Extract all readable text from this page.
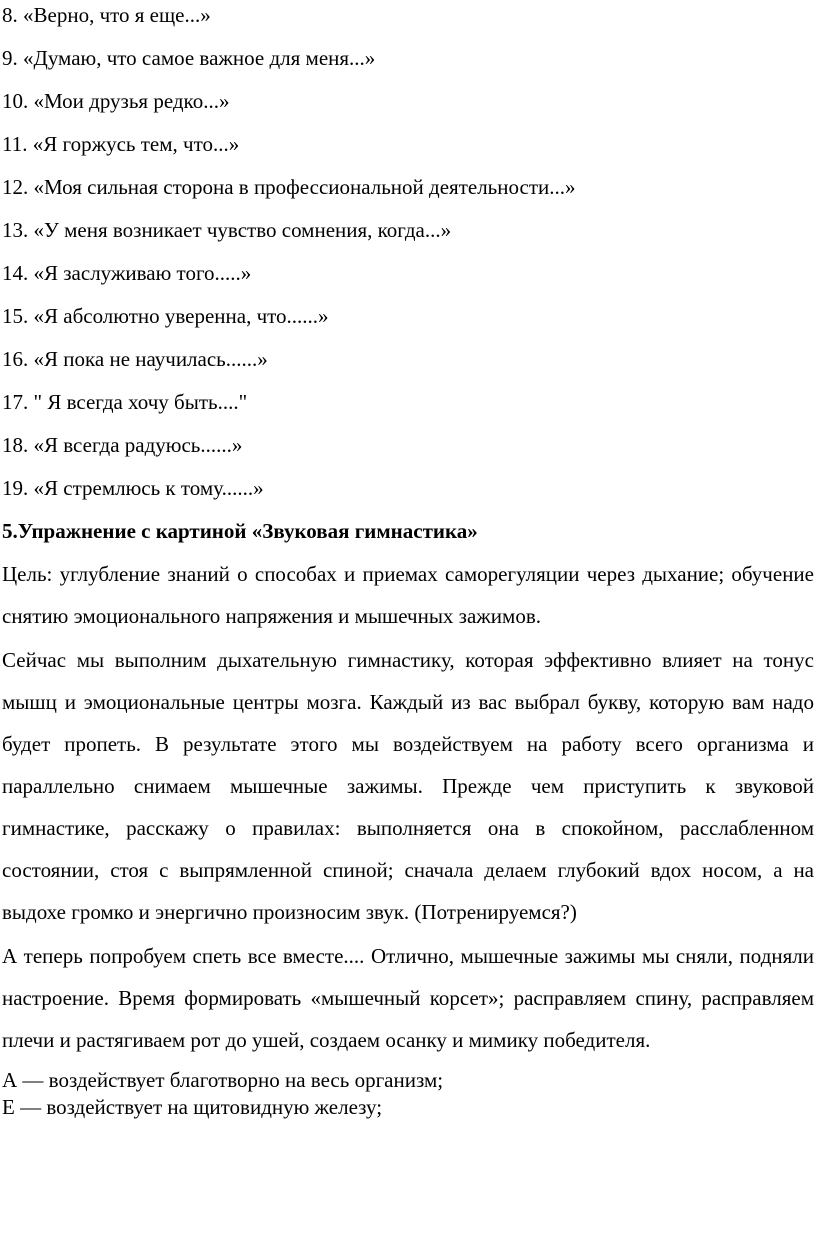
8. «Верно, что я еще...»
9. «Думаю, что самое важное для меня...»
10. «Мои друзья редко...»
11. «Я горжусь тем, что...»
12. «Моя сильная сторона в профессиональной деятельности...»
13. «У меня возникает чувство сомнения, когда...»
14. «Я заслуживаю того.....»
15. «Я абсолютно уверенна, что......»
16. «Я пока не научилась......»
17. " Я всегда хочу быть...."
18. «Я всегда радуюсь......»
19. «Я стремлюсь к тому......»
5.Упражнение с картиной «Звуковая гимнастика»

Цель: углубление знаний о способах и приемах саморегуляции через дыхание; обучение снятию эмоционального напряжения и мышечных зажимов.

Сейчас мы выполним дыхательную гимнастику, которая эффективно влияет на тонус мышц и эмоциональные центры мозга. Каждый из вас выбрал букву, которую вам надо будет пропеть. В результате этого мы воздействуем на работу всего организма и параллельно снимаем мышечные зажимы. Прежде чем приступить к звуковой гимнастике, расскажу о правилах: выполняется она в спокойном, расслабленном состоянии, стоя с выпрямленной спиной; сначала делаем глубокий вдох носом, а на выдохе громко и энергично произносим звук. (Потренируемся?)

А теперь попробуем спеть все вместе.... Отлично, мышечные зажимы мы сняли, подняли настроение. Время формировать «мышечный корсет»; расправляем спину, расправляем плечи и растягиваем рот до ушей, создаем осанку и мимику победителя.

А — воздействует благотворно на весь организм;

Е — воздействует на щитовидную железу;
